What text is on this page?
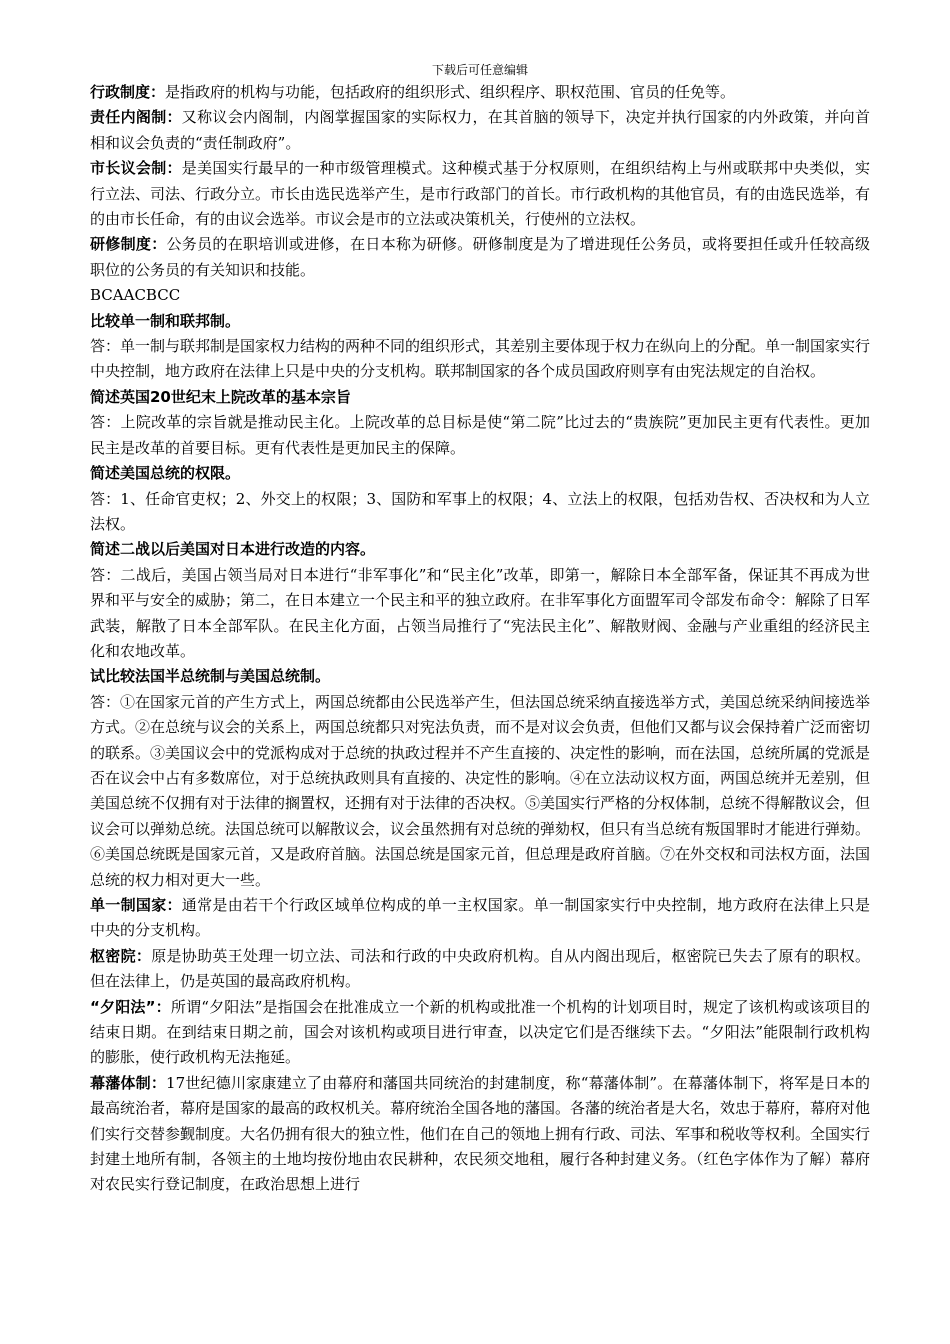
下载后可任意编辑

行政制度：是指政府的机构与功能，包括政府的组织形式、组织程序、职权范围、官员的任免等。

责任内阁制：又称议会内阁制，内阁掌握国家的实际权力，在其首脑的领导下，决定并执行国家的内外政策，并向首相和议会负责的“责任制政府”。

市长议会制：是美国实行最早的一种市级管理模式。这种模式基于分权原则，在组织结构上与州或联邦中央类似，实行立法、司法、行政分立。市长由选民选举产生，是市行政部门的首长。市行政机构的其他官员，有的由选民选举，有的由市长任命，有的由议会选举。市议会是市的立法或决策机关，行使州的立法权。

研修制度：公务员的在职培训或进修，在日本称为研修。研修制度是为了增进现任公务员，或将要担任或升任较高级职位的公务员的有关知识和技能。

BCAACBCC

比较单一制和联邦制。

答：单一制与联邦制是国家权力结构的两种不同的组织形式，其差别主要体现于权力在纵向上的分配。单一制国家实行中央控制，地方政府在法律上只是中央的分支机构。联邦制国家的各个成员国政府则享有由宪法规定的自治权。

简述英国20世纪末上院改革的基本宗旨

答：上院改革的宗旨就是推动民主化。上院改革的总目标是使“第二院”比过去的“贵族院”更加民主更有代表性。更加民主是改革的首要目标。更有代表性是更加民主的保障。

简述美国总统的权限。

答：1、任命官吏权；2、外交上的权限；3、国防和军事上的权限；4、立法上的权限，包括劝告权、否决权和为人立法权。

简述二战以后美国对日本进行改造的内容。

答：二战后，美国占领当局对日本进行“非军事化”和“民主化”改革，即第一，解除日本全部军备，保证其不再成为世界和平与安全的威胁；第二，在日本建立一个民主和平的独立政府。在非军事化方面盟军司令部发布命令：解除了日军武装，解散了日本全部军队。在民主化方面，占领当局推行了“宪法民主化”、解散财阀、金融与产业重组的经济民主化和农地改革。

试比较法国半总统制与美国总统制。

答：①在国家元首的产生方式上，两国总统都由公民选举产生，但法国总统采纳直接选举方式，美国总统采纳间接选举方式。②在总统与议会的关系上，两国总统都只对宪法负责，而不是对议会负责，但他们又都与议会保持着广泛而密切的联系。③美国议会中的党派构成对于总统的执政过程并不产生直接的、决定性的影响，而在法国，总统所属的党派是否在议会中占有多数席位，对于总统执政则具有直接的、决定性的影响。④在立法动议权方面，两国总统并无差别，但美国总统不仅拥有对于法律的搁置权，还拥有对于法律的否决权。⑤美国实行严格的分权体制，总统不得解散议会，但议会可以弹劾总统。法国总统可以解散议会，议会虽然拥有对总统的弹劾权，但只有当总统有叛国罪时才能进行弹劾。⑥美国总统既是国家元首，又是政府首脑。法国总统是国家元首，但总理是政府首脑。⑦在外交权和司法权方面，法国总统的权力相对更大一些。

单一制国家：通常是由若干个行政区域单位构成的单一主权国家。单一制国家实行中央控制，地方政府在法律上只是中央的分支机构。

枢密院：原是协助英王处理一切立法、司法和行政的中央政府机构。自从内阁出现后，枢密院已失去了原有的职权。但在法律上，仍是英国的最高政府机构。

“夕阳法”：所谓“夕阳法”是指国会在批准成立一个新的机构或批准一个机构的计划项目时，规定了该机构或该项目的结束日期。在到结束日期之前，国会对该机构或项目进行审查，以决定它们是否继续下去。“夕阳法”能限制行政机构的膨胀，使行政机构无法拖延。

幕藩体制：17世纪德川家康建立了由幕府和藩国共同统治的封建制度，称“幕藩体制”。在幕藩体制下，将军是日本的最高统治者，幕府是国家的最高的政权机关。幕府统治全国各地的藩国。各藩的统治者是大名，效忠于幕府，幕府对他们实行交替参觐制度。大名仍拥有很大的独立性，他们在自己的领地上拥有行政、司法、军事和税收等权利。全国实行封建土地所有制，各领主的土地均按份地由农民耕种，农民须交地租，履行各种封建义务。（红色字体作为了解）幕府对农民实行登记制度，在政治思想上进行
